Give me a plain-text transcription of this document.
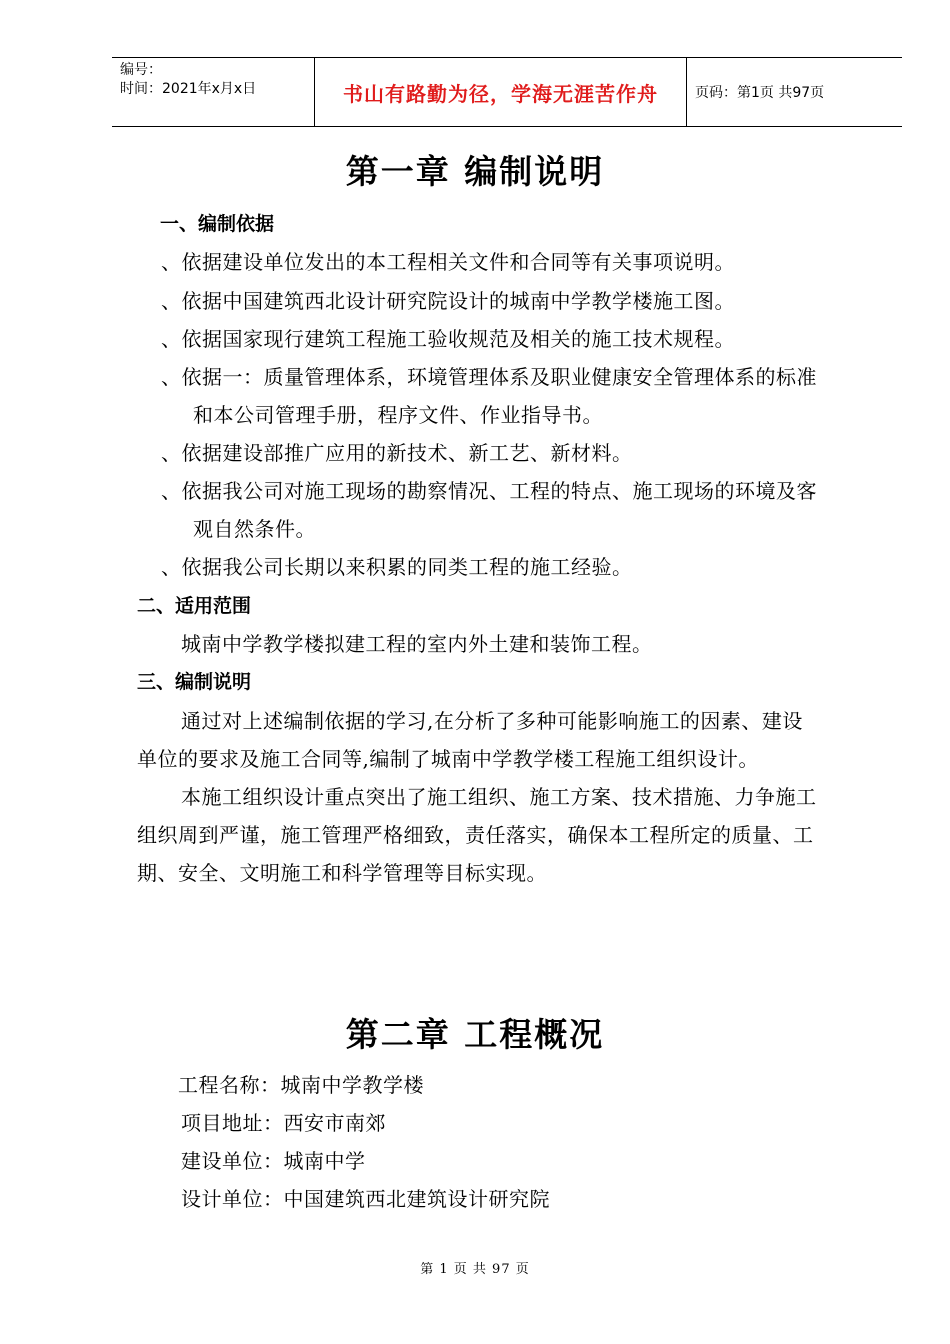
编号：
时间：2021年x月x日	书山有路勤为径，学海无涯苦作舟	页码：第1页 共97页
第一章 编制说明
一、编制依据
、依据建设单位发出的本工程相关文件和合同等有关事项说明。
、依据中国建筑西北设计研究院设计的城南中学教学楼施工图。
、依据国家现行建筑工程施工验收规范及相关的施工技术规程。
、依据一：质量管理体系，环境管理体系及职业健康安全管理体系的标准
和本公司管理手册，程序文件、作业指导书。
、依据建设部推广应用的新技术、新工艺、新材料。
、依据我公司对施工现场的勘察情况、工程的特点、施工现场的环境及客
观自然条件。
、依据我公司长期以来积累的同类工程的施工经验。
二、适用范围
城南中学教学楼拟建工程的室内外土建和装饰工程。
三、编制说明
通过对上述编制依据的学习,在分析了多种可能影响施工的因素、建设
单位的要求及施工合同等,编制了城南中学教学楼工程施工组织设计。
本施工组织设计重点突出了施工组织、施工方案、技术措施、力争施工
组织周到严谨，施工管理严格细致，责任落实，确保本工程所定的质量、工
期、安全、文明施工和科学管理等目标实现。
第二章 工程概况
工程名称：城南中学教学楼
项目地址：西安市南郊
建设单位：城南中学
设计单位：中国建筑西北建筑设计研究院
第 1 页 共 97 页
